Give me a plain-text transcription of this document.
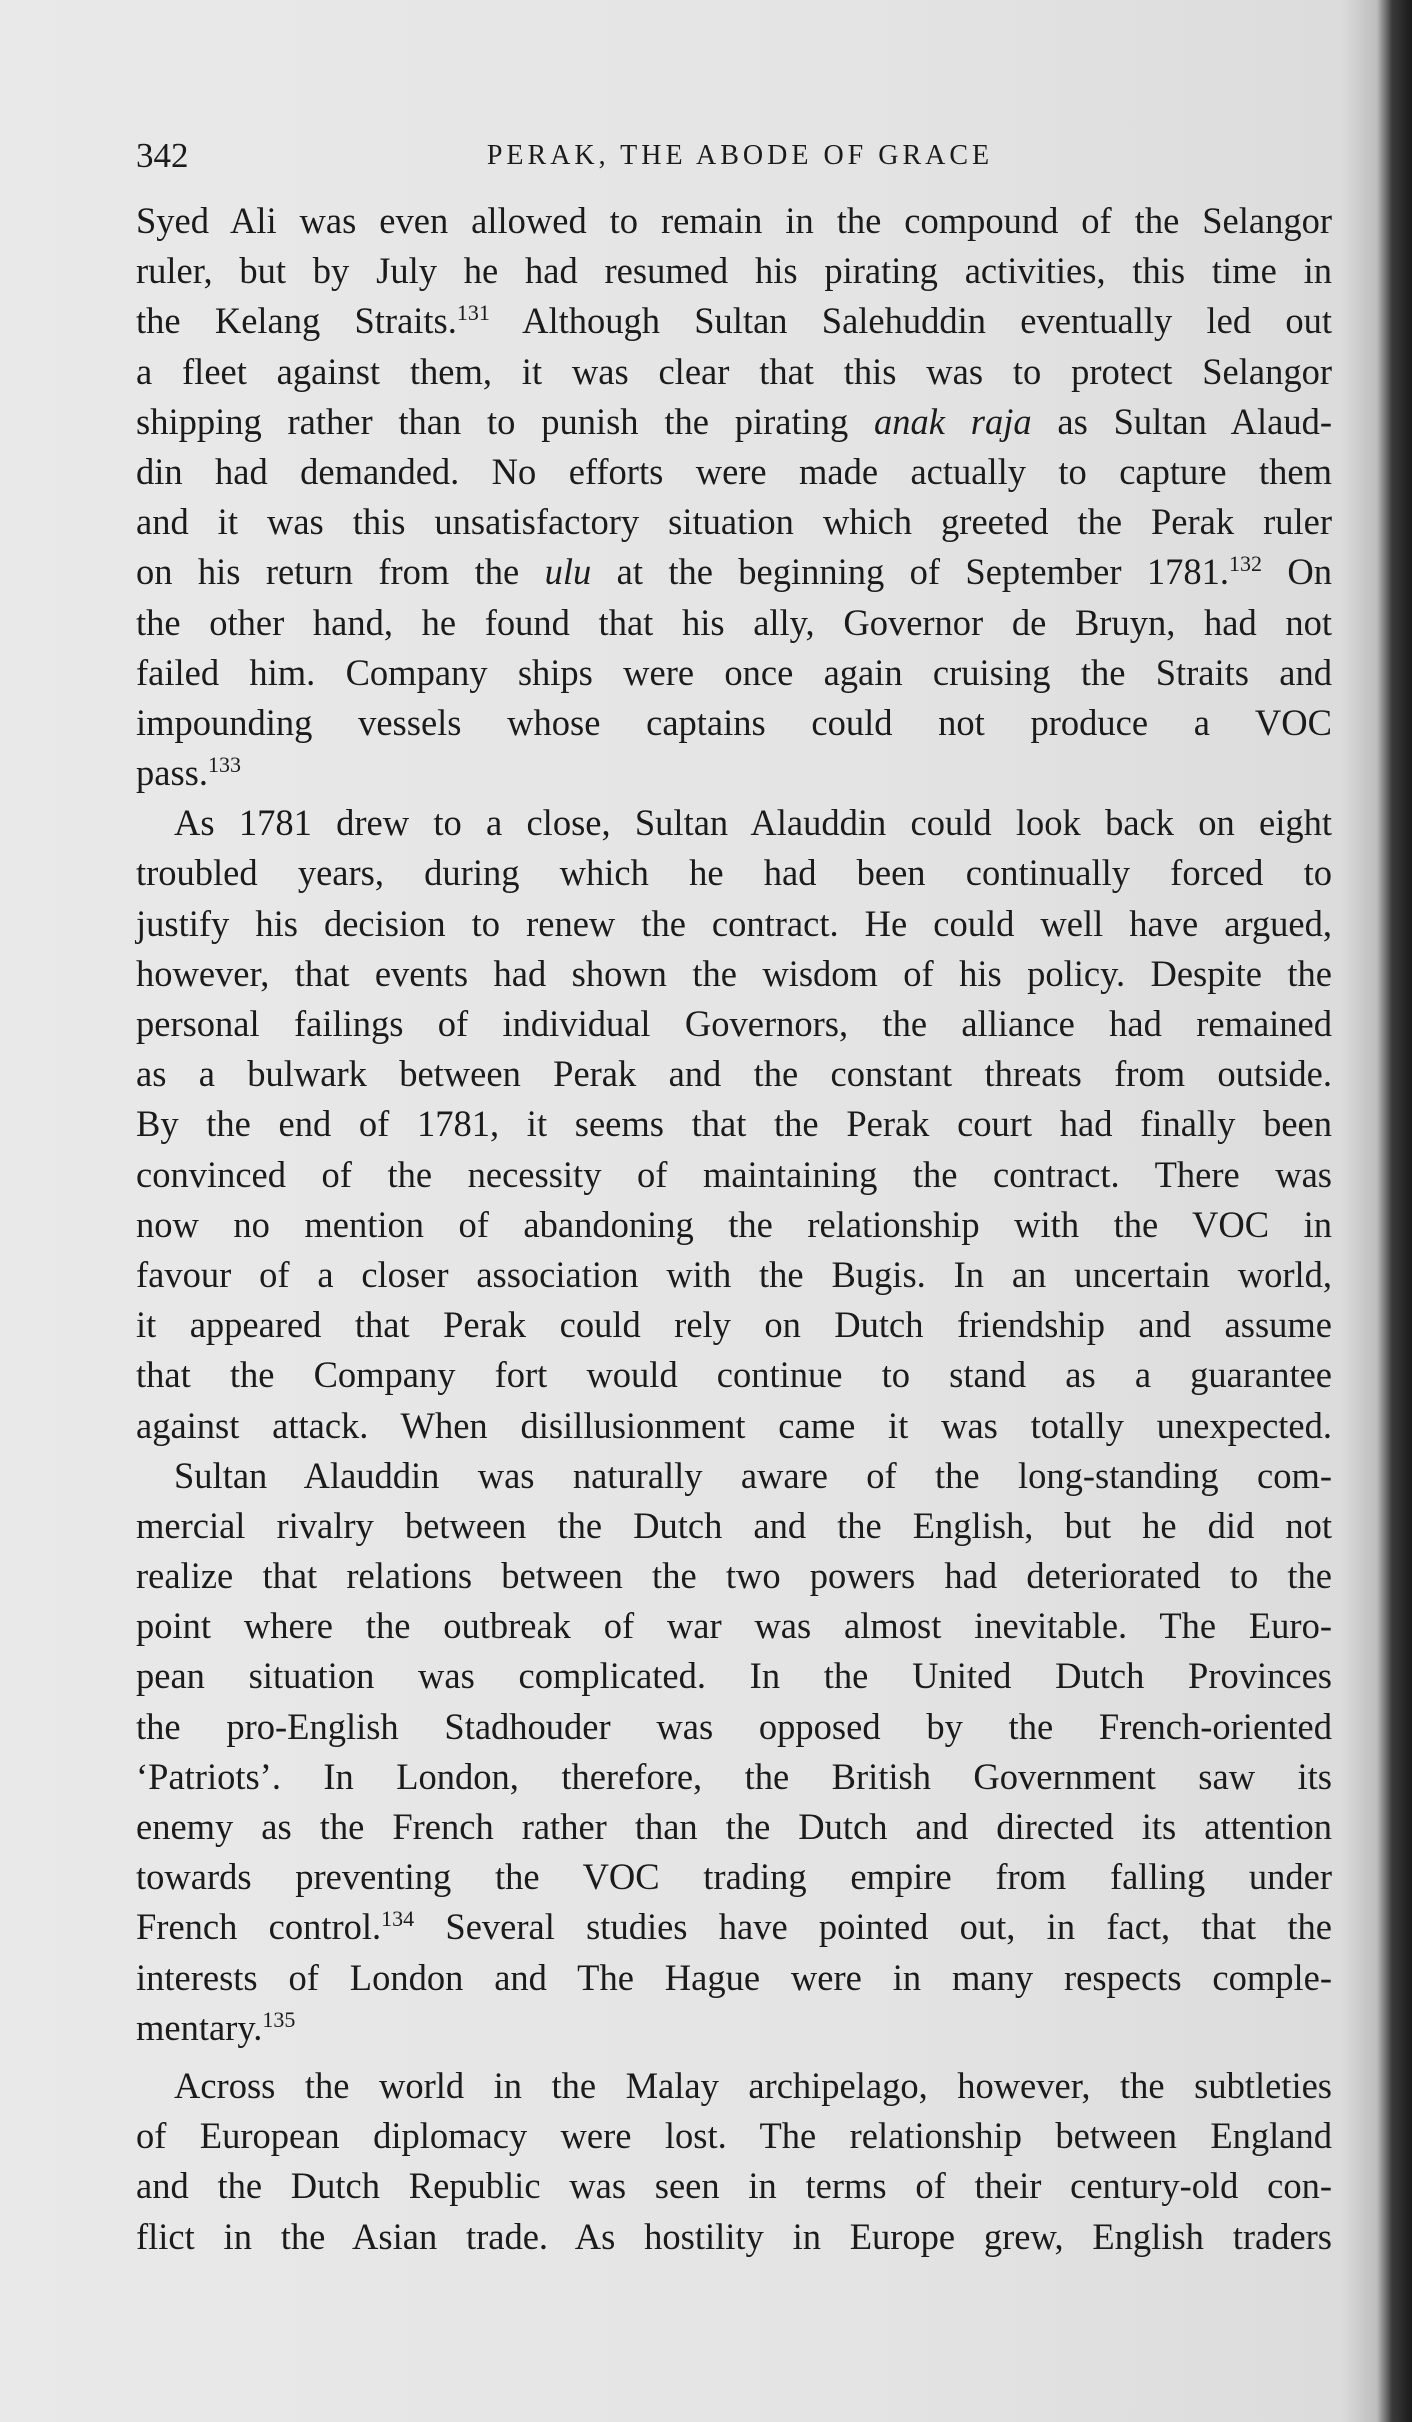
342	PERAK, THE ABODE OF GRACE
Syed Ali was even allowed to remain in the compound of the Selangor
ruler, but by July he had resumed his pirating activities, this time in
the Kelang Straits.$^{131}$ Although Sultan Salehuddin eventually led out
a fleet against them, it was clear that this was to protect Selangor
shipping rather than to punish the pirating anak raja as Sultan Alaud-
din had demanded. No efforts were made actually to capture them
and it was this unsatisfactory situation which greeted the Perak ruler
on his return from the ulu at the beginning of September 1781.$^{132}$ On
the other hand, he found that his ally, Governor de Bruyn, had not
failed him. Company ships were once again cruising the Straits and
impounding vessels whose captains could not produce a VOC
pass.$^{133}$
As 1781 drew to a close, Sultan Alauddin could look back on eight
troubled years, during which he had been continually forced to
justify his decision to renew the contract. He could well have argued,
however, that events had shown the wisdom of his policy. Despite the
personal failings of individual Governors, the alliance had remained
as a bulwark between Perak and the constant threats from outside.
By the end of 1781, it seems that the Perak court had finally been
convinced of the necessity of maintaining the contract. There was
now no mention of abandoning the relationship with the VOC in
favour of a closer association with the Bugis. In an uncertain world,
it appeared that Perak could rely on Dutch friendship and assume
that the Company fort would continue to stand as a guarantee
against attack. When disillusionment came it was totally unexpected.
Sultan Alauddin was naturally aware of the long-standing com-
mercial rivalry between the Dutch and the English, but he did not
realize that relations between the two powers had deteriorated to the
point where the outbreak of war was almost inevitable. The Euro-
pean situation was complicated. In the United Dutch Provinces
the pro-English Stadhouder was opposed by the French-oriented
‘Patriots’. In London, therefore, the British Government saw its
enemy as the French rather than the Dutch and directed its attention
towards preventing the VOC trading empire from falling under
French control.$^{134}$ Several studies have pointed out, in fact, that the
interests of London and The Hague were in many respects comple-
mentary.$^{135}$
Across the world in the Malay archipelago, however, the subtleties
of European diplomacy were lost. The relationship between England
and the Dutch Republic was seen in terms of their century-old con-
flict in the Asian trade. As hostility in Europe grew, English traders
